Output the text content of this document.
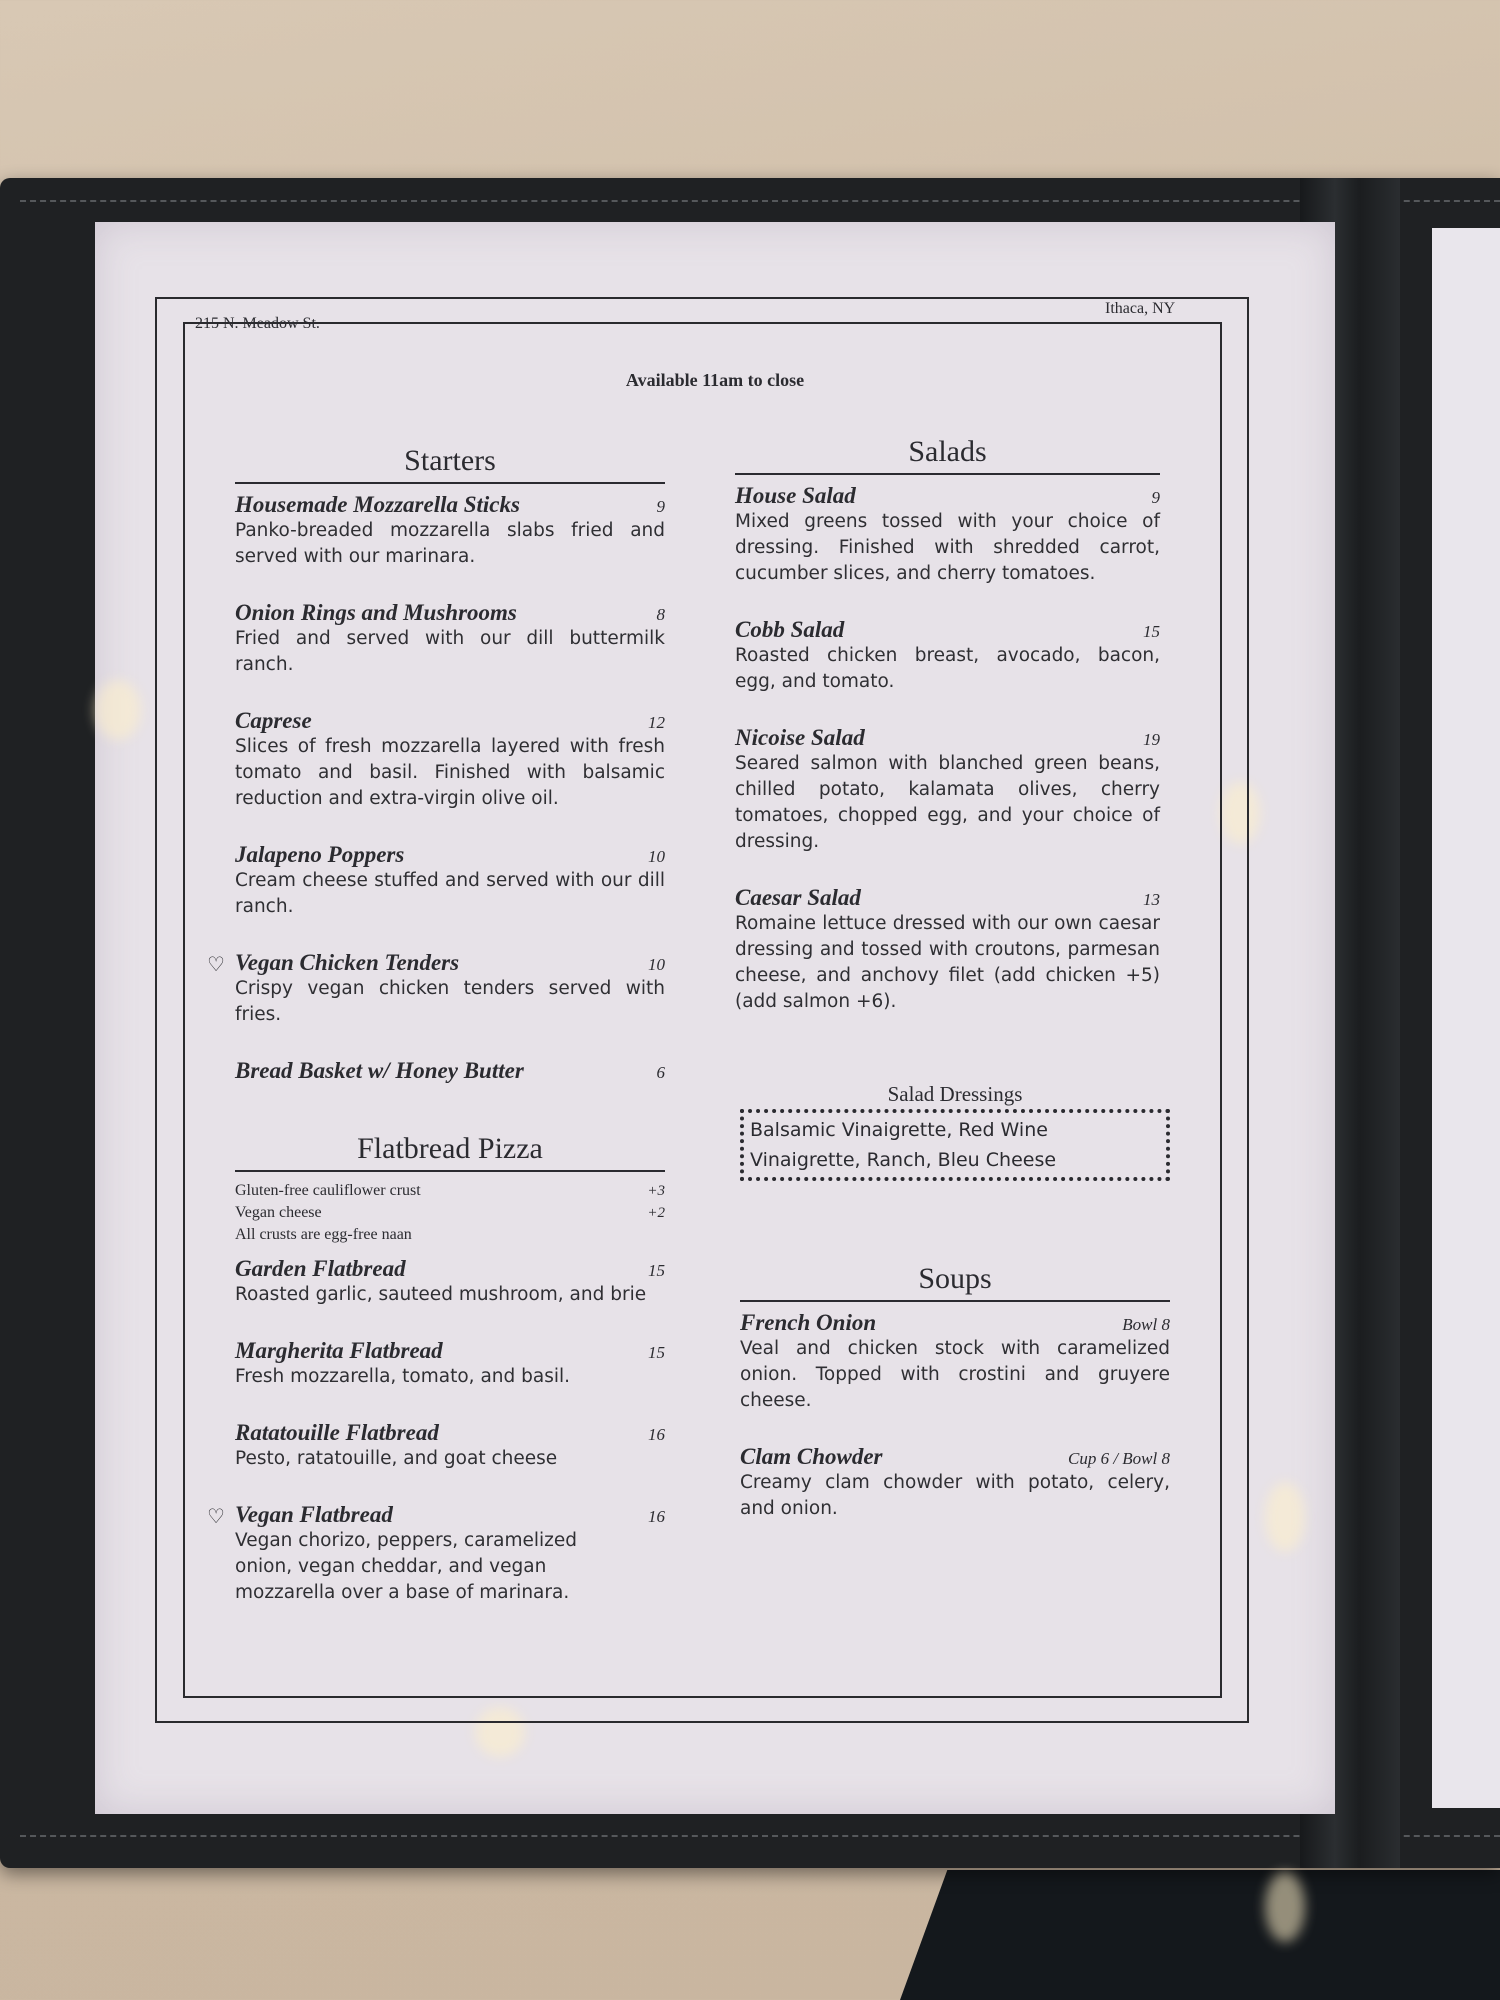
215 N. Meadow St.
Ithaca, NY
Available 11am to close
Starters
Housemade Mozzarella Sticks	9
Panko-breaded mozzarella slabs fried and served with our marinara.
Onion Rings and Mushrooms	8
Fried and served with our dill buttermilk ranch.
Caprese	12
Slices of fresh mozzarella layered with fresh tomato and basil. Finished with balsamic reduction and extra-virgin olive oil.
Jalapeno Poppers	10
Cream cheese stuffed and served with our dill ranch.
♡ Vegan Chicken Tenders	10
Crispy vegan chicken tenders served with fries.
Bread Basket w/ Honey Butter	6
Flatbread Pizza
Gluten-free cauliflower crust	+3
Vegan cheese	+2
All crusts are egg-free naan
Garden Flatbread	15
Roasted garlic, sauteed mushroom, and brie
Margherita Flatbread	15
Fresh mozzarella, tomato, and basil.
Ratatouille Flatbread	16
Pesto, ratatouille, and goat cheese
♡ Vegan Flatbread	16
Vegan chorizo, peppers, caramelized onion, vegan cheddar, and vegan mozzarella over a base of marinara.
Salads
House Salad	9
Mixed greens tossed with your choice of dressing. Finished with shredded carrot, cucumber slices, and cherry tomatoes.
Cobb Salad	15
Roasted chicken breast, avocado, bacon, egg, and tomato.
Nicoise Salad	19
Seared salmon with blanched green beans, chilled potato, kalamata olives, cherry tomatoes, chopped egg, and your choice of dressing.
Caesar Salad	13
Romaine lettuce dressed with our own caesar dressing and tossed with croutons, parmesan cheese, and anchovy filet (add chicken +5) (add salmon +6).
Salad Dressings
Balsamic Vinaigrette, Red Wine Vinaigrette, Ranch, Bleu Cheese
Soups
French Onion	Bowl 8
Veal and chicken stock with caramelized onion. Topped with crostini and gruyere cheese.
Clam Chowder	Cup 6 / Bowl 8
Creamy clam chowder with potato, celery, and onion.
